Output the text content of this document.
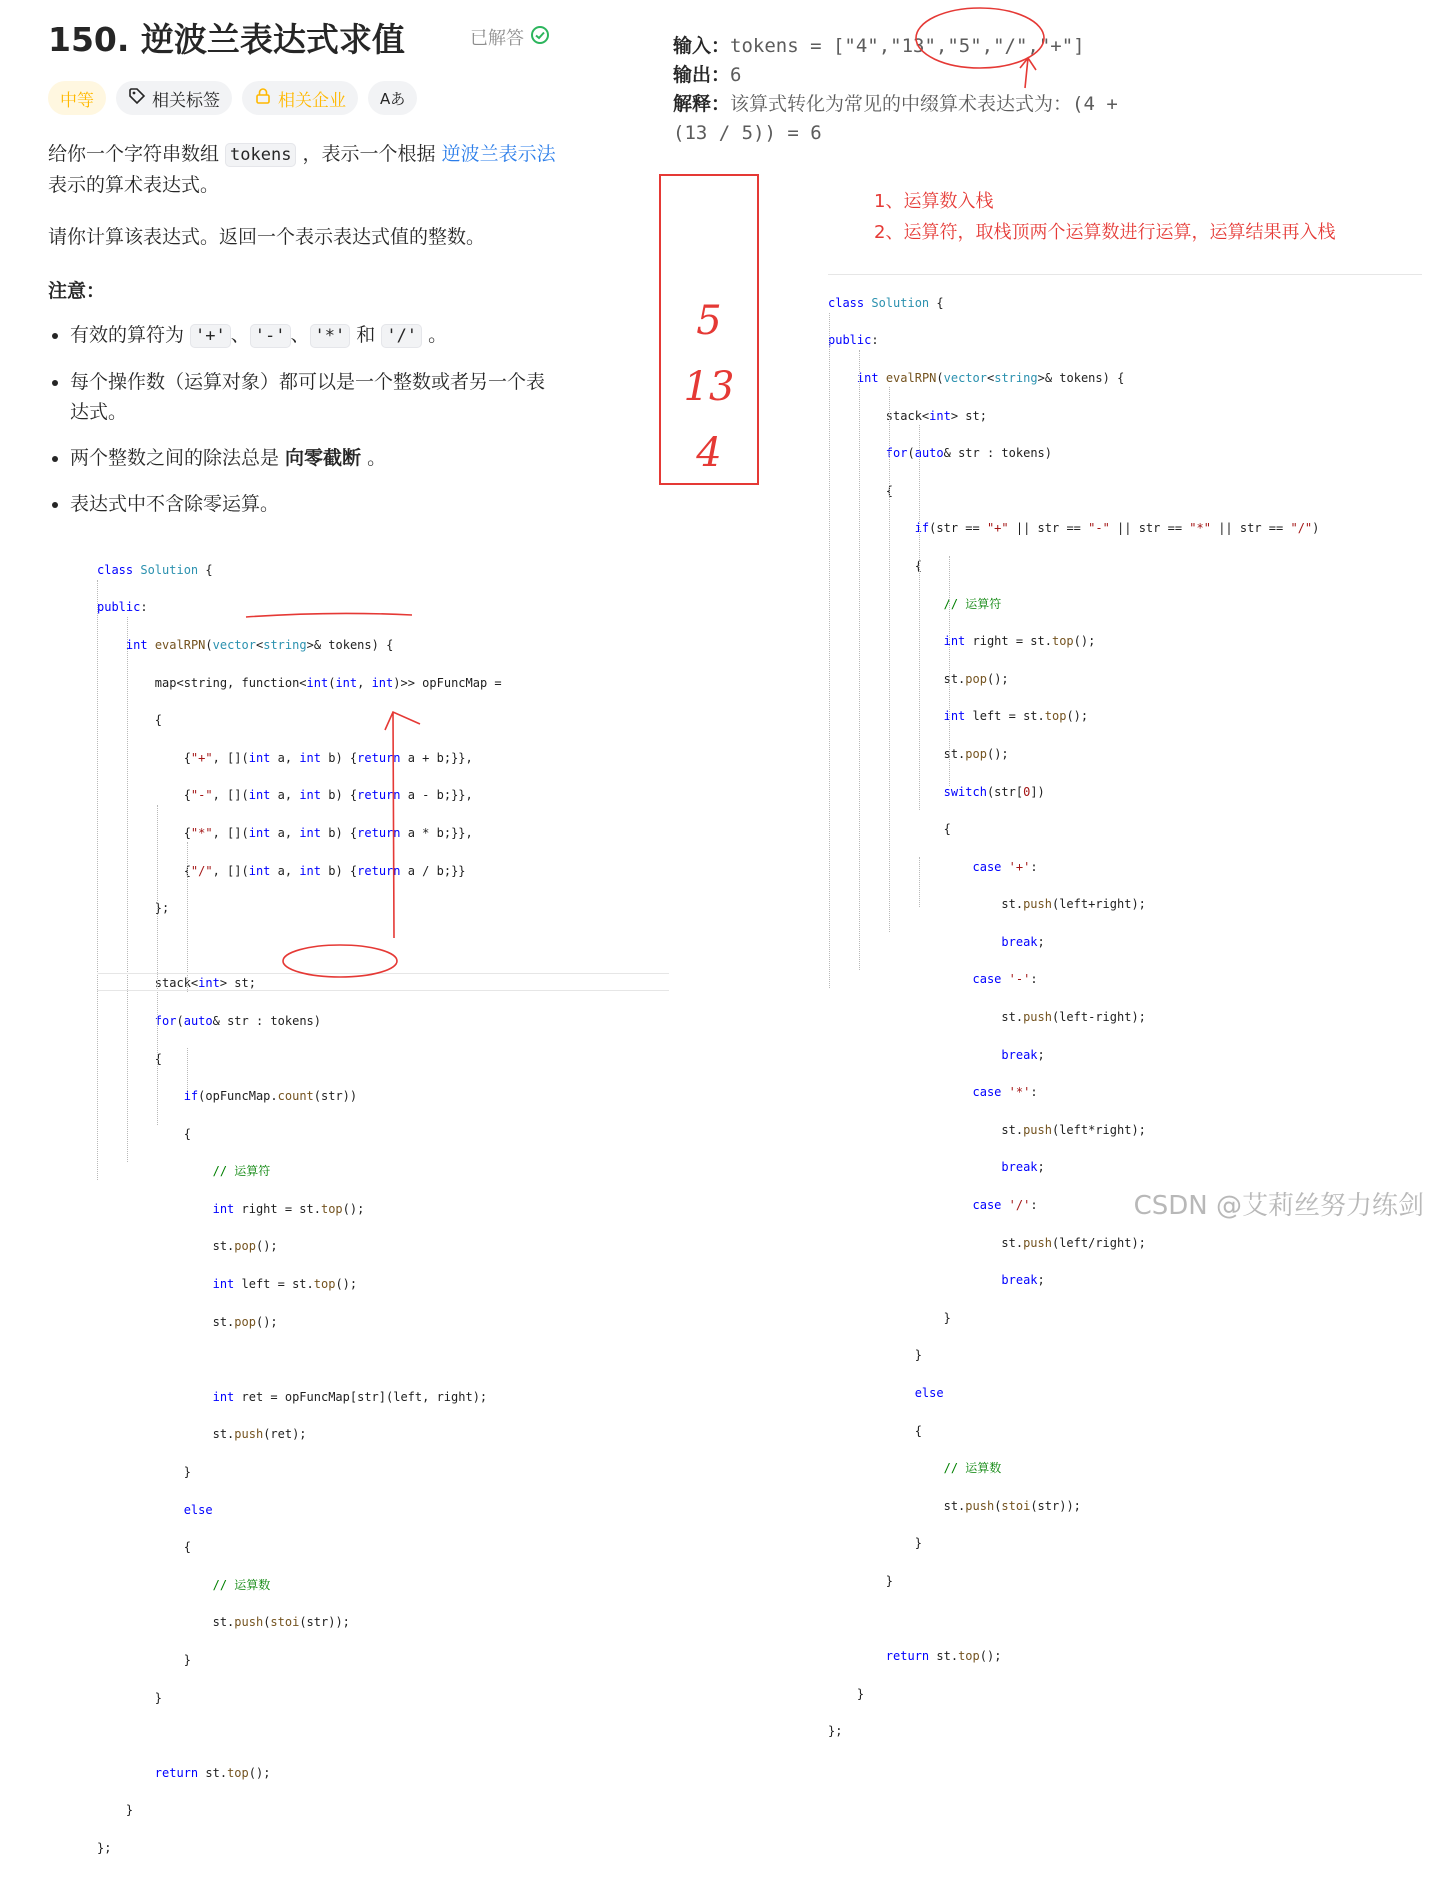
150. 逆波兰表达式求值	已解答
中等	相关标签	相关企业 Aあ
给你一个字符串数组 tokens ，表示一个根据 逆波兰表示法 表示的算术表达式。
请你计算该表达式。返回一个表示表达式值的整数。
注意：
有效的算符为 '+' 、 '-' 、 '*' 和 '/' 。
每个操作数（运算对象）都可以是一个整数或者另一个表达式。
两个整数之间的除法总是 向零截断 。
表达式中不含除零运算。

class Solution {

public:

int evalRPN(vector<string>& tokens) {

map<string, function<int(int, int)>> opFuncMap =

{

{"+", [](int a, int b) {return a + b;}},

{"-", [](int a, int b) {return a - b;}},

{"*", [](int a, int b) {return a * b;}},

{"/", [](int a, int b) {return a / b;}}

};

stack<int> st;

for(auto& str : tokens)

{

if(opFuncMap.count(str))

{

// 运算符

int right = st.top();

st.pop();

int left = st.top();

st.pop();

int ret = opFuncMap[str](left, right);

st.push(ret);

}

else

{

// 运算数

st.push(stoi(str));

}

}

return st.top();

}

};

输入：tokens = ["4","13","5","/","+"]
输出：6
解释：该算式转化为常见的中缀算术表达式为：(4 +
(13 / 5)) = 6
5
13
4
1、运算数入栈
2、运算符，取栈顶两个运算数进行运算，运算结果再入栈

class Solution {

public:

int evalRPN(vector<string>& tokens) {

stack<int> st;

for(auto& str : tokens)

{

if(str == "+" || str == "-" || str == "*" || str == "/")

{

// 运算符

int right = st.top();

st.pop();

int left = st.top();

st.pop();

switch(str[0])

{

case '+':

st.push(left+right);

break;

case '-':

st.push(left-right);

break;

case '*':

st.push(left*right);

break;

case '/':

st.push(left/right);

break;

}

}

else

{

// 运算数

st.push(stoi(str));

}

}

return st.top();

}

};

CSDN @艾莉丝努力练剑
